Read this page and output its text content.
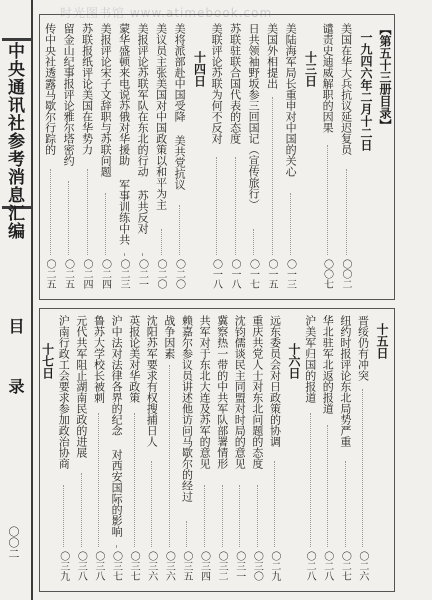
时光图书馆 www.atimebook.com
中央通讯社参考消息汇编
目
录
〇〇二
【第五十三册目录】
一九四六年二月十二日
美国在华大兵抗议延迟复员
〇〇二
谴责史迪威解职的因果
〇〇七
十三日
美陆海军局长重申对中国的关心
〇一三
美国外相提出
〇一五
日共领袖野坂参三回国记（宣传旅行）
〇一七
苏联驻联合国代表的态度
〇一八
美联评论苏联为何不反对
〇一八
十四日
美将派部赴中国受降 美共党抗议
〇二〇
美议员主张美国对中国政策以和平为主
〇二〇
美报评论苏联军队在东北的行动 苏共反对
〇二一
蒙华盛顿来电说苏俄对华援助 军事训练中共
〇二三
美报评论宋子文辞职与苏联问题
〇二四
苏联报纸评论美国在华势力
〇二四
留金山纪事报评论雅尔塔密约
〇二五
传中央社透露马歇尔行踪的
〇二五
十五日
晋绥仍有冲突
〇二六
纽约时报评论东北局势严重
〇二七
华北驻军北返的报道
〇二八
沪美军归国的报道
〇二八
十六日
远东委员会对日政策的协调
〇二九
重庆共党人士对东北问题的态度
〇三〇
沈钧儒谈民主同盟对时局的意见
〇三一
冀察热一带的中共军队部署情形
〇三二
共军对于东北大连及苏军的意见
〇三四
赖嘉尔参议员讲述他访问马歇尔的经过
〇三五
战争因素
〇三六
沈阳苏军要求有权搜捕日人
〇三六
英报论美对华政策
〇三七
沪中法对法律各界的纪念 对西安国际的影响
〇三七
鲁苏大学校长被刺
〇三八
元代共军阻止湖南民政的进展
〇三八
沪南行政工会要求参加政治协商
〇三九
十七日
